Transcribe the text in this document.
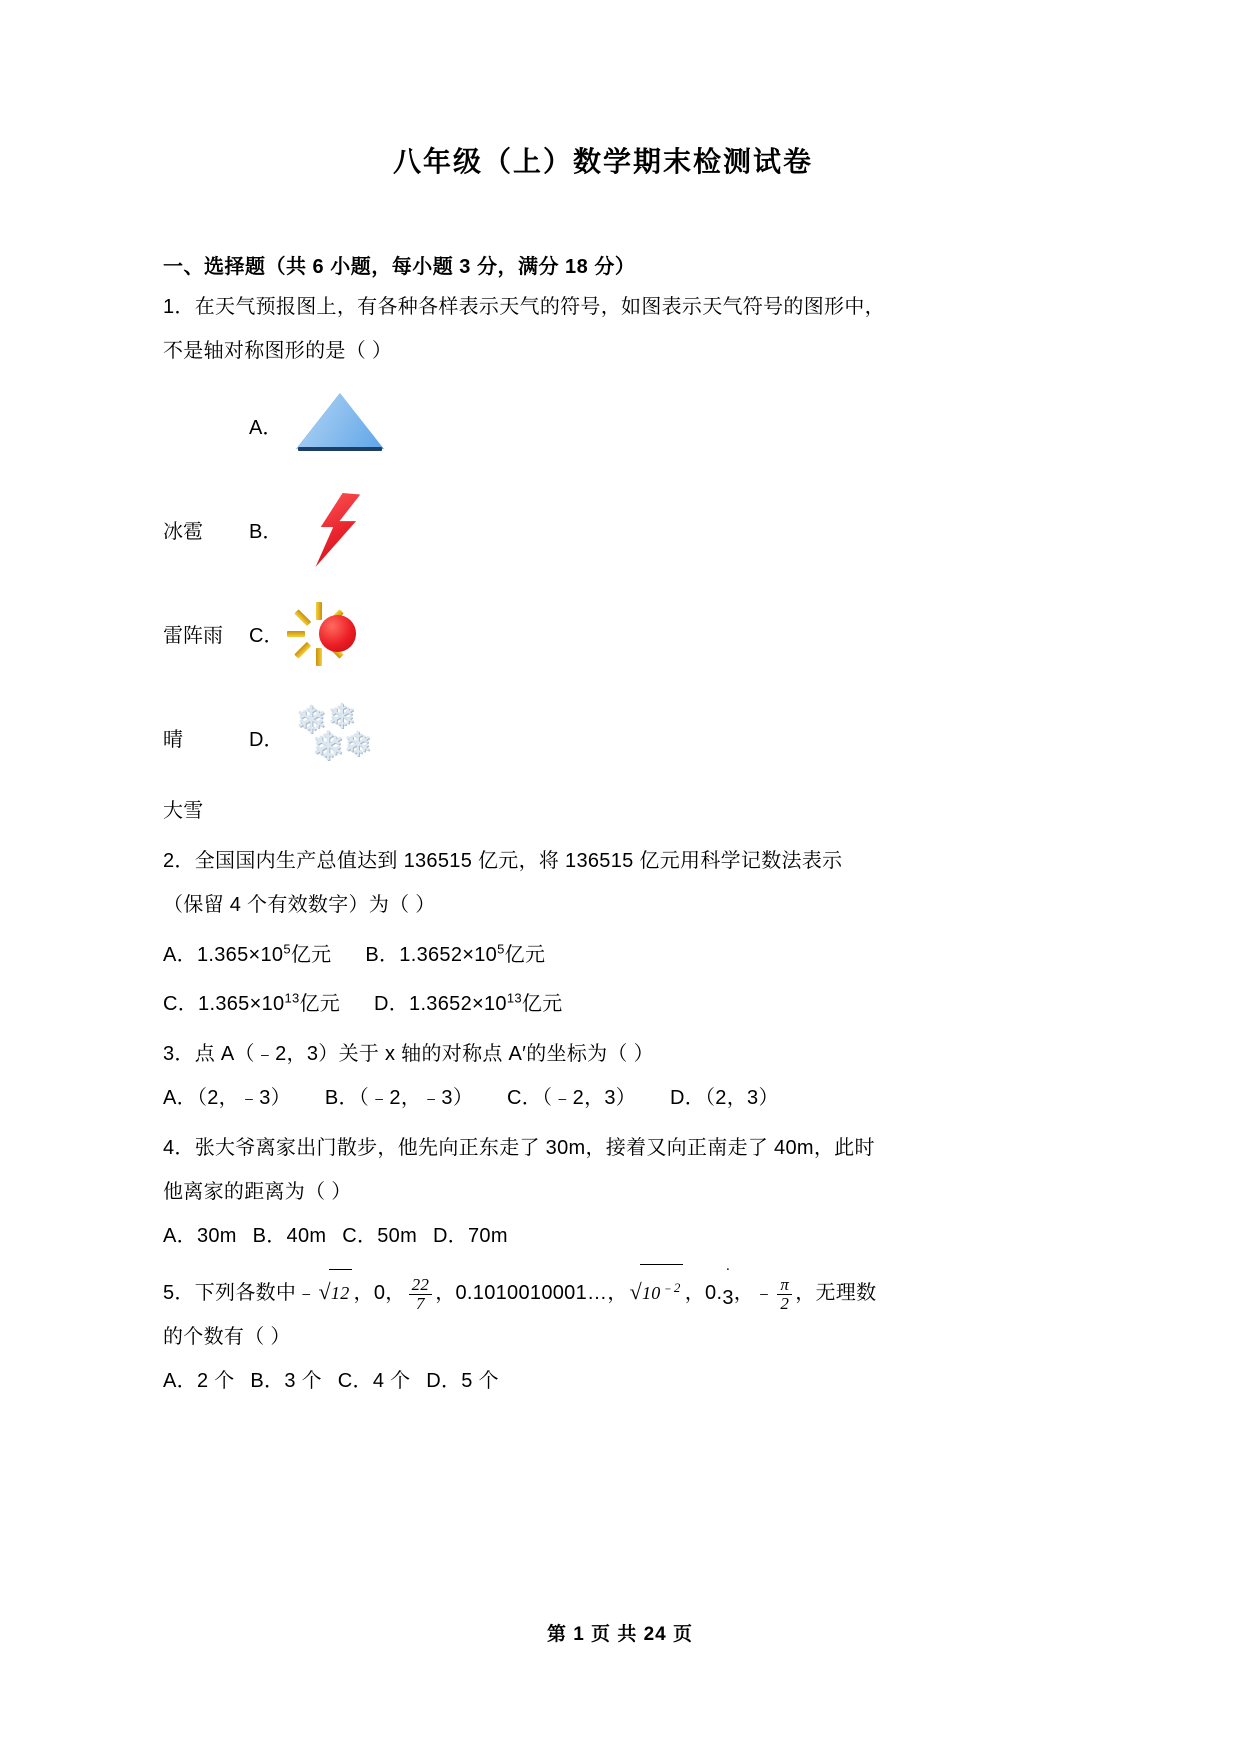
八年级（上）数学期末检测试卷
一、选择题（共 6 小题，每小题 3 分，满分 18 分）
1．在天气预报图上，有各种各样表示天气的符号，如图表示天气符号的图形中，
不是轴对称图形的是（ ）
A．
冰雹	B．
雷阵雨	C．
晴	D． ❄ ❄
❄
❄
大雪
2．全国国内生产总值达到 136515 亿元，将 136515 亿元用科学记数法表示
（保留 4 个有效数字）为（ ）
A．$1.365\times 10^5$亿元 B．$1.3652\times 10^5$亿元
C．$1.365\times 10^{13}$亿元 D．$1.3652\times 10^{13}$亿元
3．点 A（﹣2，3）关于 x 轴的对称点 A′的坐标为（ ）
A．（2，﹣3） B．（﹣2，﹣3） C．（﹣2，3） D．（2，3）
4．张大爷离家出门散步，他先向正东走了 30m，接着又向正南走了 40m，此时
他离家的距离为（ ）
A．30m B．40m C．50m D．70m
5．下列各数中﹣√12 ，0， $\frac{22}{7}$ ，0.1010010001…，$√10^{﹣2}$ ，0.
·
3，﹣ $\frac{\pi}{2}$ ，无理数
的个数有（ ）
A．2 个 B．3 个 C．4 个 D．5 个
第 1 页 共 24 页
